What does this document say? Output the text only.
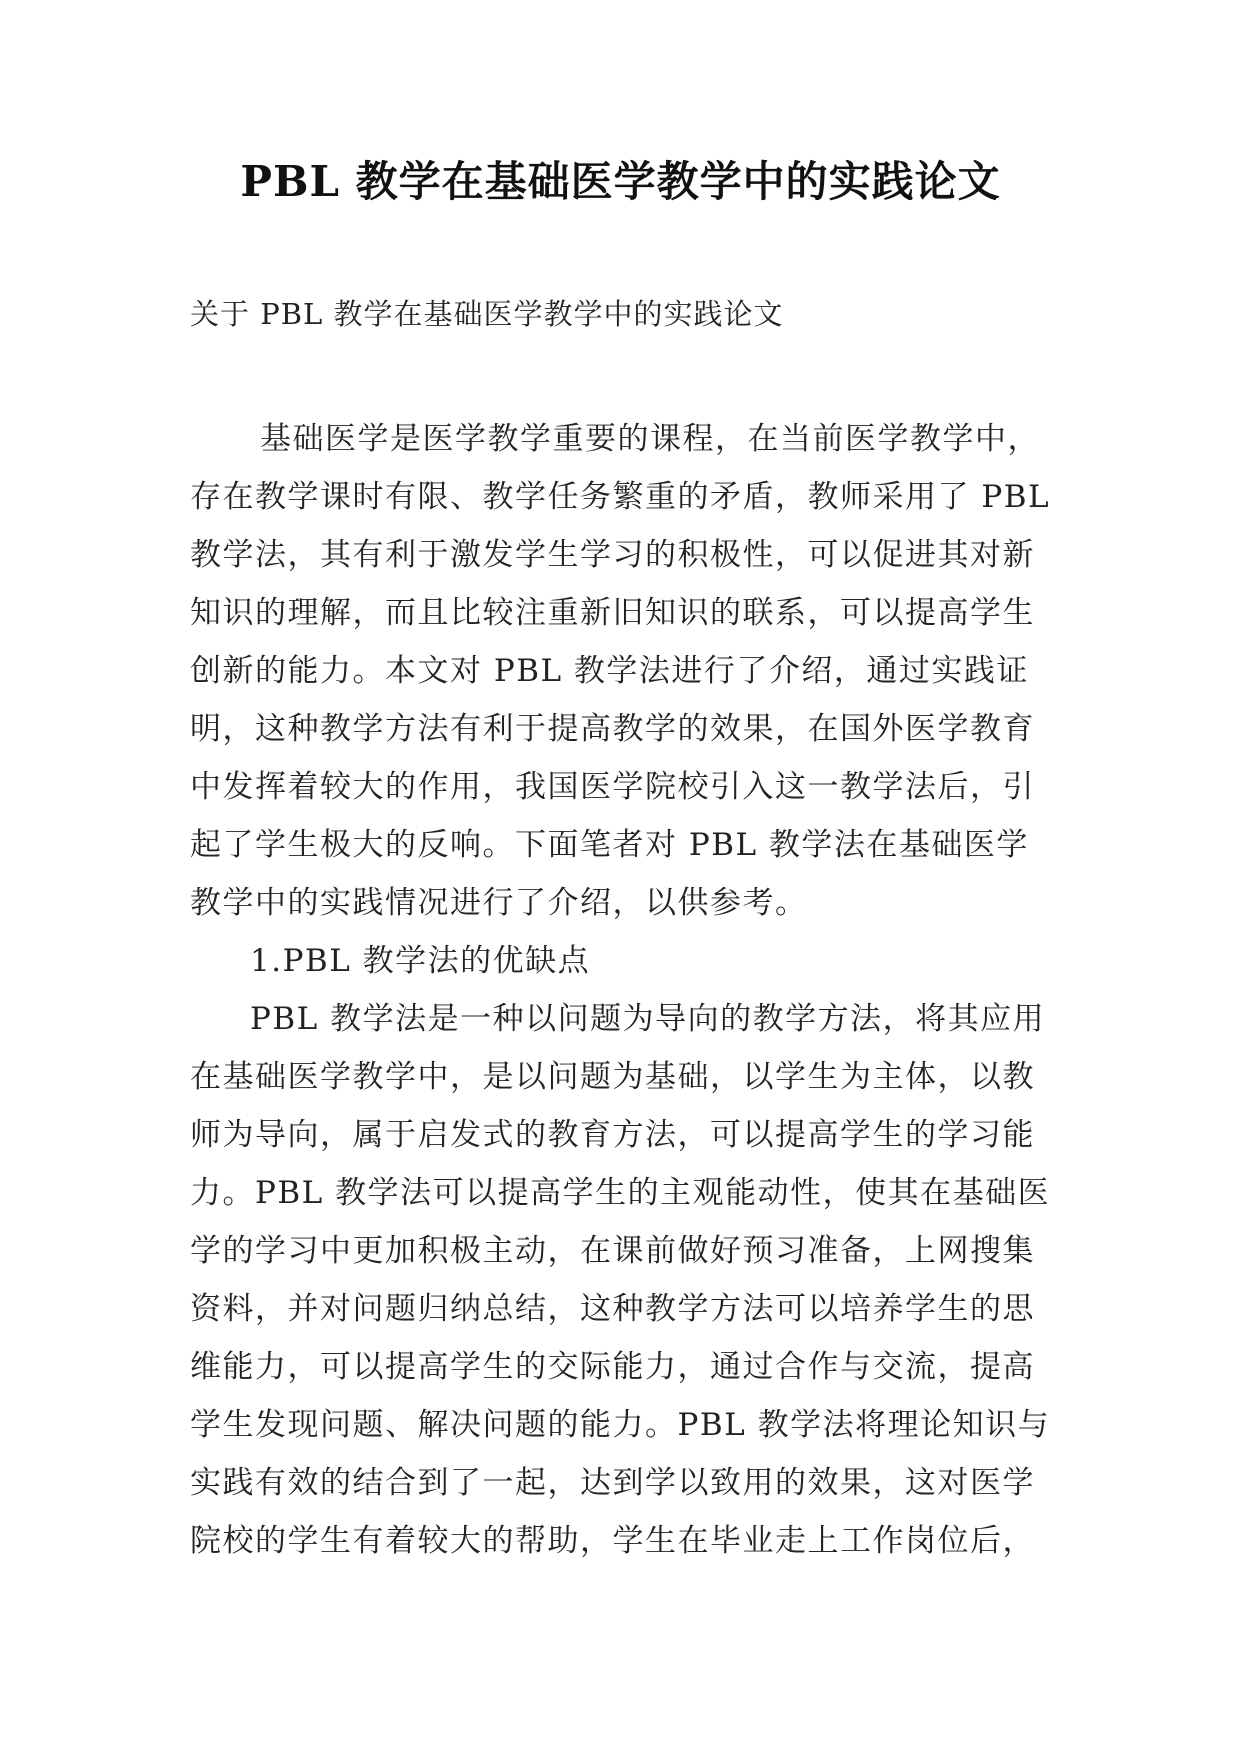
PBL 教学在基础医学教学中的实践论文

关于 PBL 教学在基础医学教学中的实践论文

基础医学是医学教学重要的课程，在当前医学教学中，存在教学课时有限、教学任务繁重的矛盾，教师采用了 PBL 教学法，其有利于激发学生学习的积极性，可以促进其对新知识的理解，而且比较注重新旧知识的联系，可以提高学生创新的能力。本文对 PBL 教学法进行了介绍，通过实践证明，这种教学方法有利于提高教学的效果，在国外医学教育中发挥着较大的作用，我国医学院校引入这一教学法后，引起了学生极大的反响。下面笔者对 PBL 教学法在基础医学教学中的实践情况进行了介绍，以供参考。

1.PBL 教学法的优缺点

PBL 教学法是一种以问题为导向的教学方法，将其应用在基础医学教学中，是以问题为基础，以学生为主体，以教师为导向，属于启发式的教育方法，可以提高学生的学习能力。PBL 教学法可以提高学生的主观能动性，使其在基础医学的学习中更加积极主动，在课前做好预习准备，上网搜集资料，并对问题归纳总结，这种教学方法可以培养学生的思维能力，可以提高学生的交际能力，通过合作与交流，提高学生发现问题、解决问题的能力。PBL 教学法将理论知识与实践有效的结合到了一起，达到学以致用的效果，这对医学院校的学生有着较大的帮助，学生在毕业走上工作岗位后，
